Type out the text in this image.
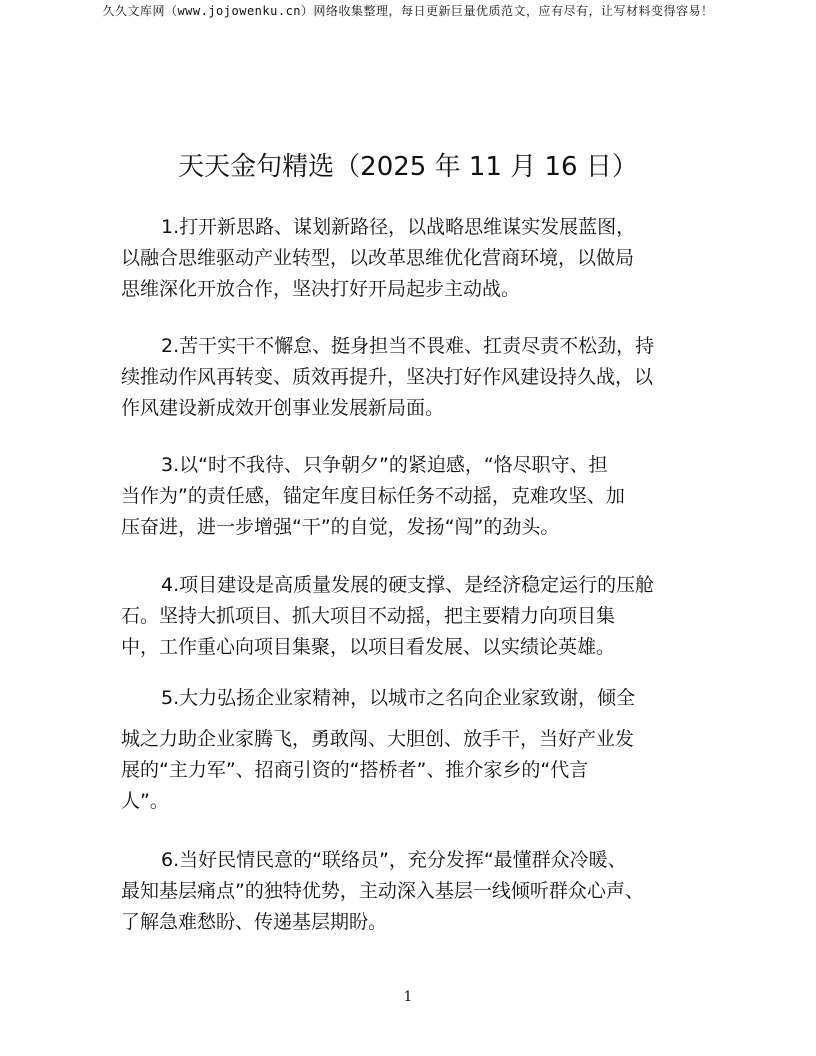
久久文库网（www.jojowenku.cn）网络收集整理，每日更新巨量优质范文，应有尽有，让写材料变得容易！
天天金句精选（2025 年 11 月 16 日）
1.打开新思路、谋划新路径，以战略思维谋实发展蓝图，
以融合思维驱动产业转型，以改革思维优化营商环境，以做局
思维深化开放合作，坚决打好开局起步主动战。
2.苦干实干不懈怠、挺身担当不畏难、扛责尽责不松劲，持
续推动作风再转变、质效再提升，坚决打好作风建设持久战，以
作风建设新成效开创事业发展新局面。
3.以“时不我待、只争朝夕”的紧迫感，“恪尽职守、担
当作为”的责任感，锚定年度目标任务不动摇，克难攻坚、加
压奋进，进一步增强“干”的自觉，发扬“闯”的劲头。
4.项目建设是高质量发展的硬支撑、是经济稳定运行的压舱
石。坚持大抓项目、抓大项目不动摇，把主要精力向项目集
中，工作重心向项目集聚，以项目看发展、以实绩论英雄。
5.大力弘扬企业家精神，以城市之名向企业家致谢，倾全
城之力助企业家腾飞，勇敢闯、大胆创、放手干，当好产业发
展的“主力军”、招商引资的“搭桥者”、推介家乡的“代言
人”。
6.当好民情民意的“联络员”，充分发挥“最懂群众冷暖、
最知基层痛点”的独特优势，主动深入基层一线倾听群众心声、
了解急难愁盼、传递基层期盼。
1
